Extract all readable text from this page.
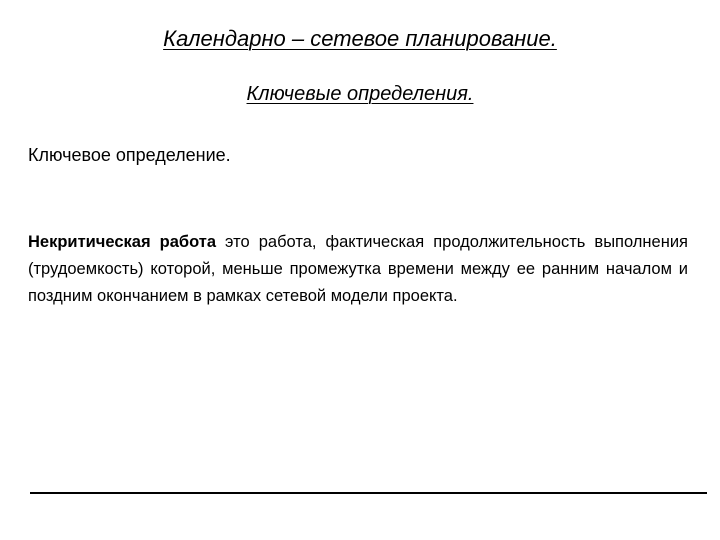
Календарно – сетевое планирование.
Ключевые определения.
Ключевое определение.

Некритическая работа это работа, фактическая продолжительность выполнения (трудоемкость) которой, меньше промежутка времени между ее ранним началом и поздним окончанием в рамках сетевой модели проекта.
